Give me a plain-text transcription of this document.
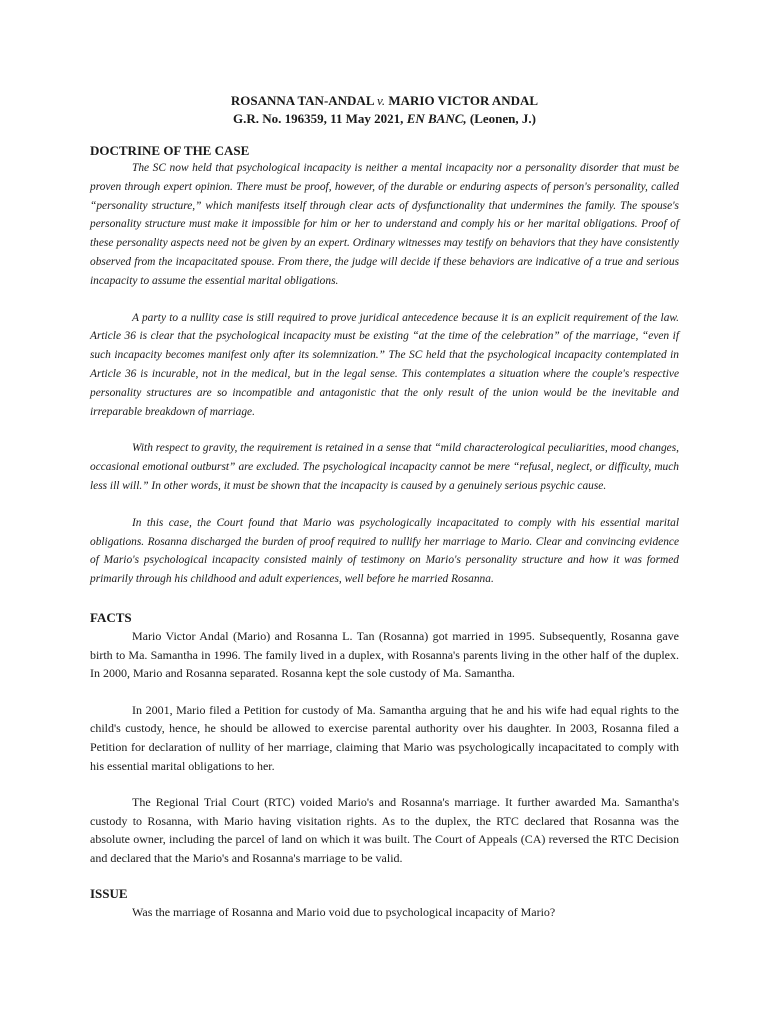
ROSANNA TAN-ANDAL v. MARIO VICTOR ANDAL
G.R. No. 196359, 11 May 2021, EN BANC, (Leonen, J.)
DOCTRINE OF THE CASE

The SC now held that psychological incapacity is neither a mental incapacity nor a personality disorder that must be proven through expert opinion. There must be proof, however, of the durable or enduring aspects of person's personality, called “personality structure,” which manifests itself through clear acts of dysfunctionality that undermines the family. The spouse's personality structure must make it impossible for him or her to understand and comply his or her marital obligations. Proof of these personality aspects need not be given by an expert. Ordinary witnesses may testify on behaviors that they have consistently observed from the incapacitated spouse. From there, the judge will decide if these behaviors are indicative of a true and serious incapacity to assume the essential marital obligations.

A party to a nullity case is still required to prove juridical antecedence because it is an explicit requirement of the law. Article 36 is clear that the psychological incapacity must be existing “at the time of the celebration” of the marriage, “even if such incapacity becomes manifest only after its solemnization.” The SC held that the psychological incapacity contemplated in Article 36 is incurable, not in the medical, but in the legal sense. This contemplates a situation where the couple's respective personality structures are so incompatible and antagonistic that the only result of the union would be the inevitable and irreparable breakdown of marriage.

With respect to gravity, the requirement is retained in a sense that “mild characterological peculiarities, mood changes, occasional emotional outburst” are excluded. The psychological incapacity cannot be mere “refusal, neglect, or difficulty, much less ill will.” In other words, it must be shown that the incapacity is caused by a genuinely serious psychic cause.

In this case, the Court found that Mario was psychologically incapacitated to comply with his essential marital obligations. Rosanna discharged the burden of proof required to nullify her marriage to Mario. Clear and convincing evidence of Mario's psychological incapacity consisted mainly of testimony on Mario's personality structure and how it was formed primarily through his childhood and adult experiences, well before he married Rosanna.

FACTS

Mario Victor Andal (Mario) and Rosanna L. Tan (Rosanna) got married in 1995. Subsequently, Rosanna gave birth to Ma. Samantha in 1996. The family lived in a duplex, with Rosanna's parents living in the other half of the duplex. In 2000, Mario and Rosanna separated. Rosanna kept the sole custody of Ma. Samantha.

In 2001, Mario filed a Petition for custody of Ma. Samantha arguing that he and his wife had equal rights to the child's custody, hence, he should be allowed to exercise parental authority over his daughter. In 2003, Rosanna filed a Petition for declaration of nullity of her marriage, claiming that Mario was psychologically incapacitated to comply with his essential marital obligations to her.

The Regional Trial Court (RTC) voided Mario's and Rosanna's marriage. It further awarded Ma. Samantha's custody to Rosanna, with Mario having visitation rights. As to the duplex, the RTC declared that Rosanna was the absolute owner, including the parcel of land on which it was built. The Court of Appeals (CA) reversed the RTC Decision and declared that the Mario's and Rosanna's marriage to be valid.

ISSUE

Was the marriage of Rosanna and Mario void due to psychological incapacity of Mario?
